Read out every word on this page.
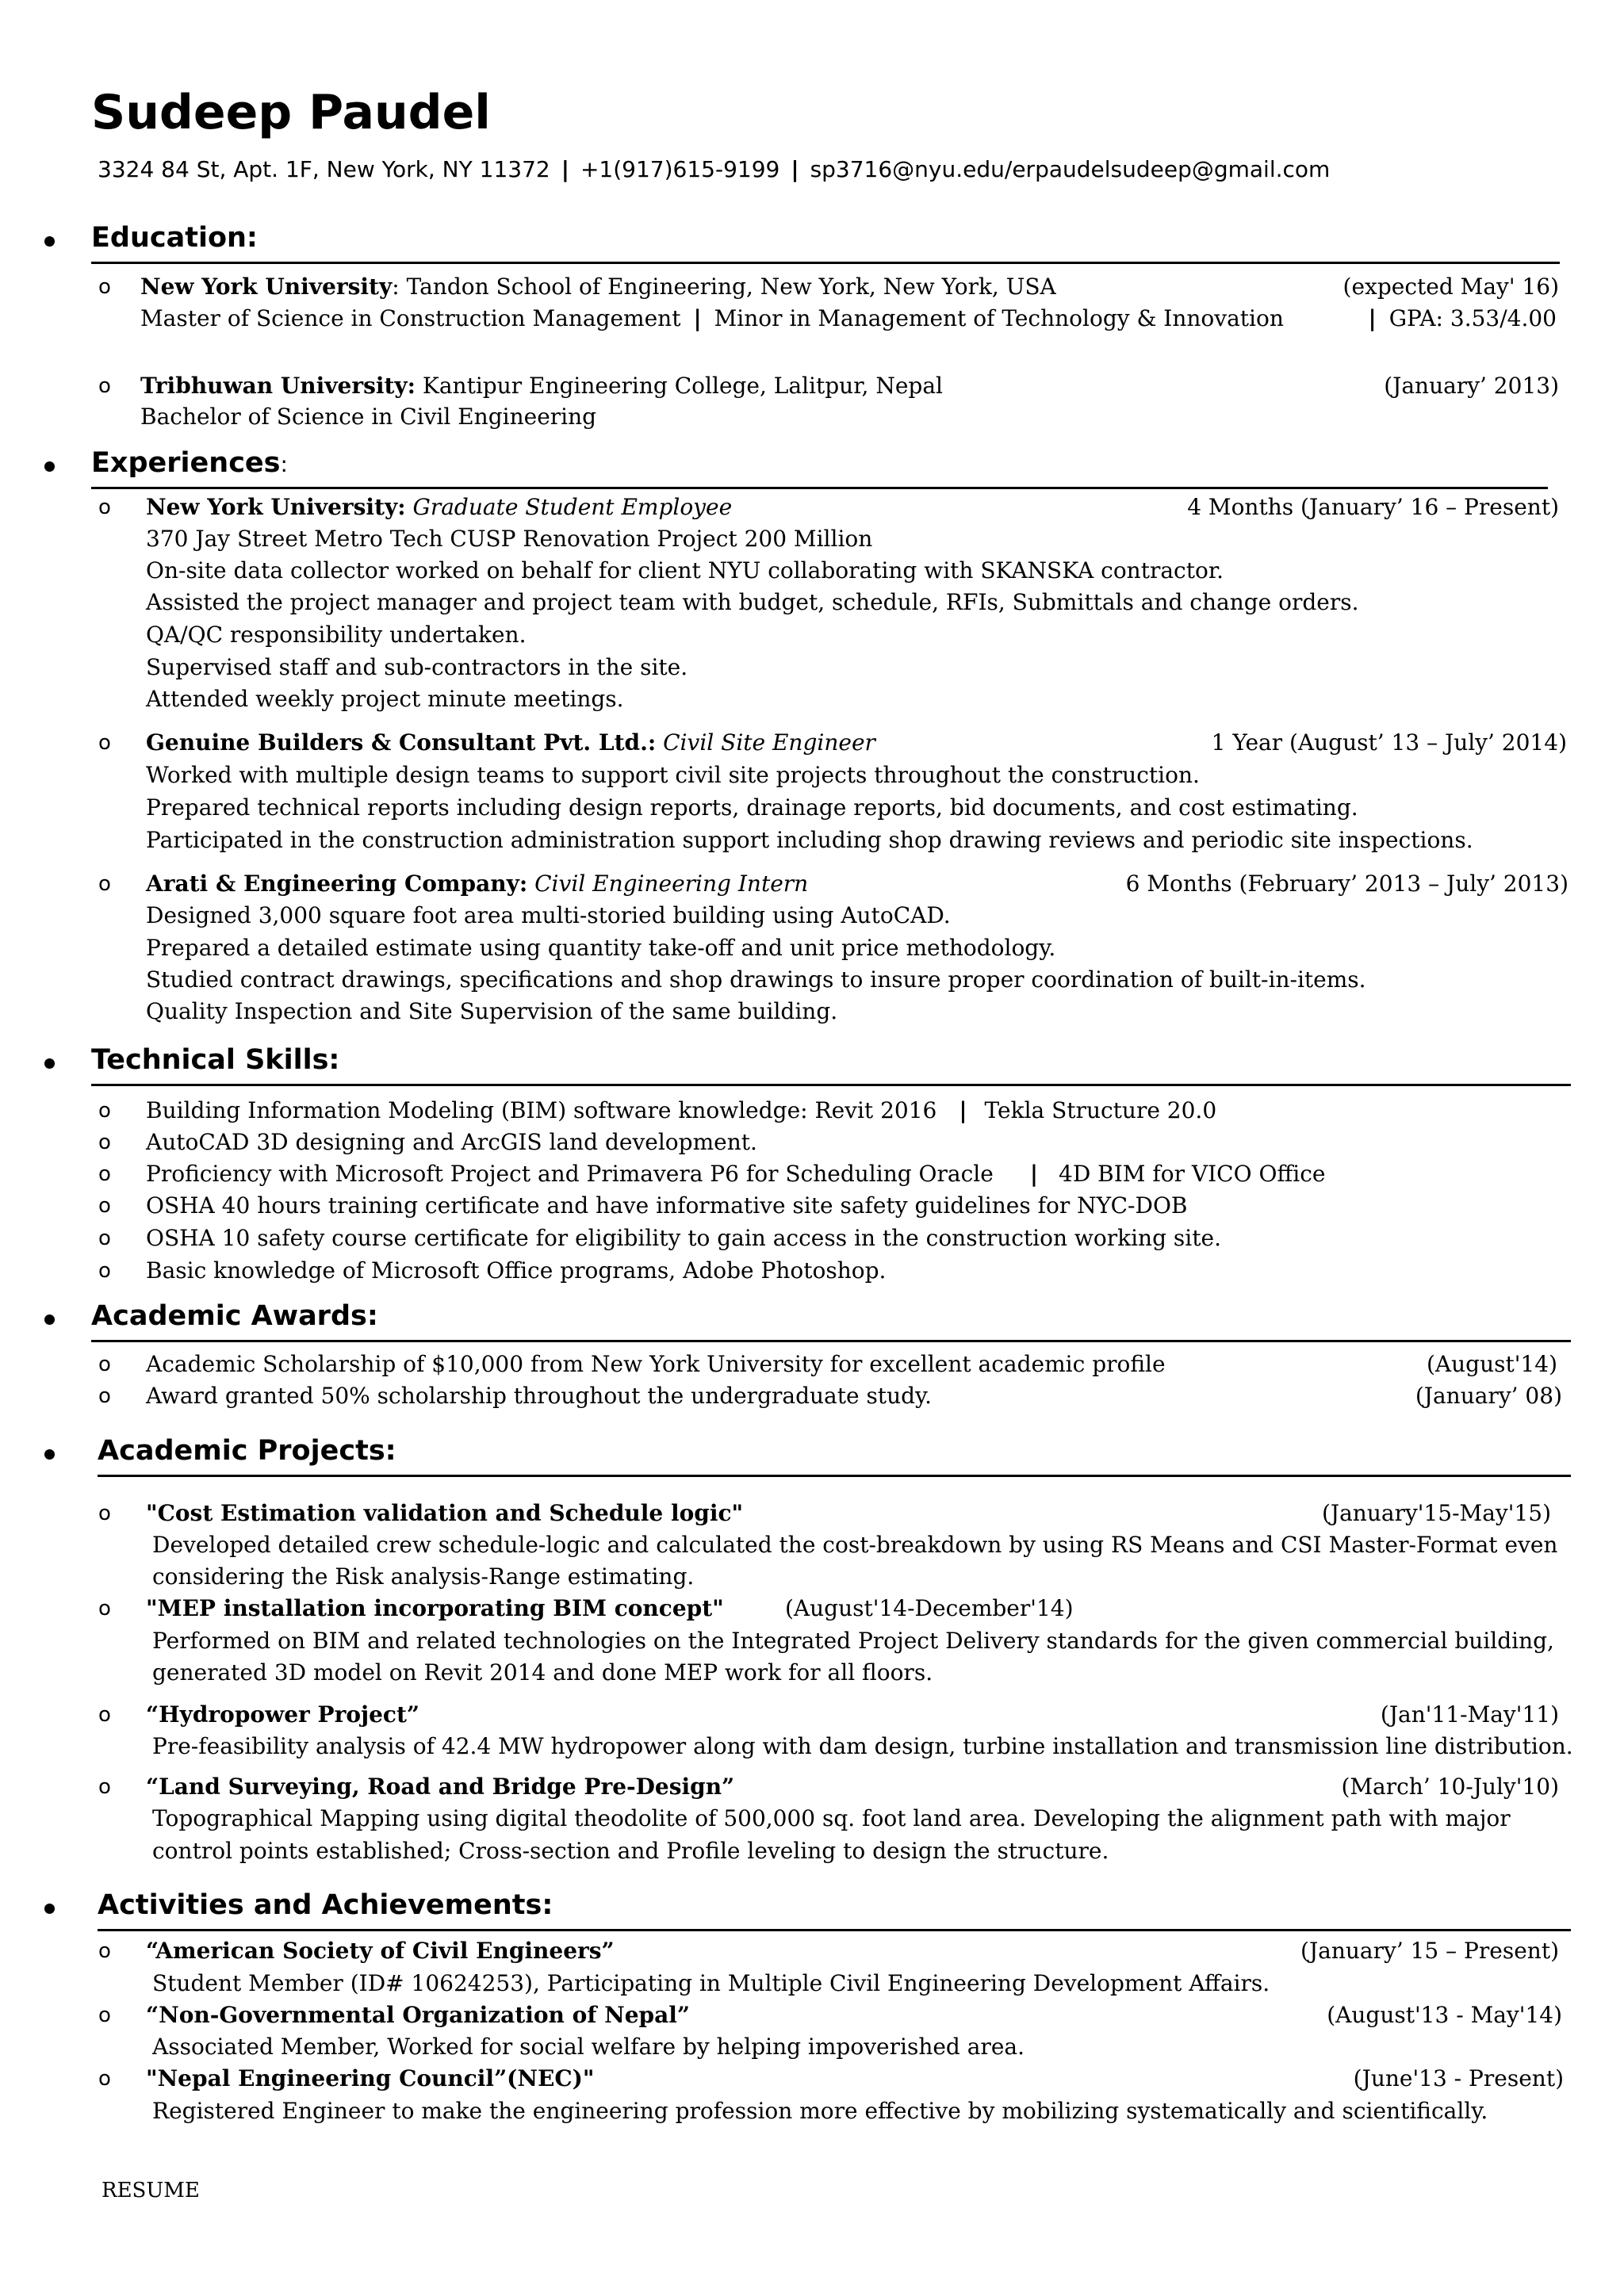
Sudeep Paudel
3324 84 St, Apt. 1F, New York, NY 11372 | +1(917)615-9199 | sp3716@nyu.edu/erpaudelsudeep@gmail.com
Education:
o New York University: Tandon School of Engineering, New York, New York, USA	(expected May' 16)
Master of Science in Construction Management | Minor in Management of Technology & Innovation	| GPA: 3.53/4.00
o Tribhuwan University: Kantipur Engineering College, Lalitpur, Nepal	(January’ 2013)
Bachelor of Science in Civil Engineering
Experiences:
o New York University: Graduate Student Employee	4 Months (January’ 16 – Present)
370 Jay Street Metro Tech CUSP Renovation Project 200 Million
On-site data collector worked on behalf for client NYU collaborating with SKANSKA contractor.
Assisted the project manager and project team with budget, schedule, RFIs, Submittals and change orders.
QA/QC responsibility undertaken.
Supervised staff and sub-contractors in the site.
Attended weekly project minute meetings.
o Genuine Builders & Consultant Pvt. Ltd.: Civil Site Engineer	1 Year (August’ 13 – July’ 2014)
Worked with multiple design teams to support civil site projects throughout the construction.
Prepared technical reports including design reports, drainage reports, bid documents, and cost estimating.
Participated in the construction administration support including shop drawing reviews and periodic site inspections.
o Arati & Engineering Company: Civil Engineering Intern	6 Months (February’ 2013 – July’ 2013)
Designed 3,000 square foot area multi-storied building using AutoCAD.
Prepared a detailed estimate using quantity take-off and unit price methodology.
Studied contract drawings, specifications and shop drawings to insure proper coordination of built-in-items.
Quality Inspection and Site Supervision of the same building.
Technical Skills:
o Building Information Modeling (BIM) software knowledge: Revit 2016 | Tekla Structure 20.0
o AutoCAD 3D designing and ArcGIS land development.
o Proficiency with Microsoft Project and Primavera P6 for Scheduling Oracle | 4D BIM for VICO Office
o OSHA 40 hours training certificate and have informative site safety guidelines for NYC-DOB
o OSHA 10 safety course certificate for eligibility to gain access in the construction working site.
o Basic knowledge of Microsoft Office programs, Adobe Photoshop.
Academic Awards:
o Academic Scholarship of $10,000 from New York University for excellent academic profile	(August'14)
o Award granted 50% scholarship throughout the undergraduate study.	(January’ 08)
Academic Projects:
o "Cost Estimation validation and Schedule logic"	(January'15-May'15)
Developed detailed crew schedule-logic and calculated the cost-breakdown by using RS Means and CSI Master-Format even
considering the Risk analysis-Range estimating.
o "MEP installation incorporating BIM concept"	(August'14-December'14)
Performed on BIM and related technologies on the Integrated Project Delivery standards for the given commercial building,
generated 3D model on Revit 2014 and done MEP work for all floors.
o “Hydropower Project”	(Jan'11-May'11)
Pre-feasibility analysis of 42.4 MW hydropower along with dam design, turbine installation and transmission line distribution.
o “Land Surveying, Road and Bridge Pre-Design”	(March’ 10-July'10)
Topographical Mapping using digital theodolite of 500,000 sq. foot land area. Developing the alignment path with major
control points established; Cross-section and Profile leveling to design the structure.
Activities and Achievements:
o “American Society of Civil Engineers”	(January’ 15 – Present)
Student Member (ID# 10624253), Participating in Multiple Civil Engineering Development Affairs.
o “Non-Governmental Organization of Nepal”	(August'13 - May'14)
Associated Member, Worked for social welfare by helping impoverished area.
o "Nepal Engineering Council”(NEC)"	(June'13 - Present)
Registered Engineer to make the engineering profession more effective by mobilizing systematically and scientifically.
RESUME
